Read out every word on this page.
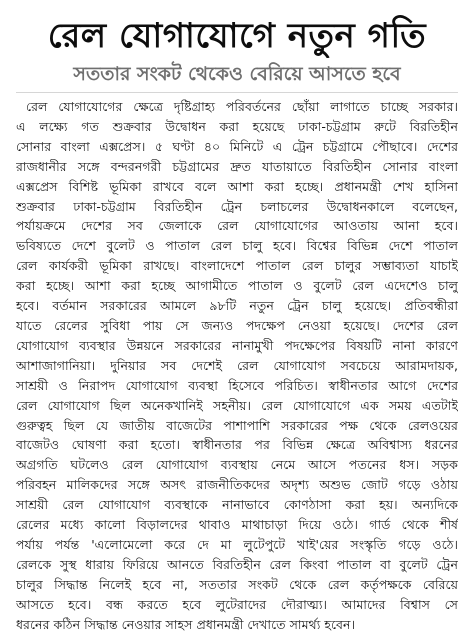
রেল যোগাযোগে নতুন গতি
সততার সংকট থেকেও বেরিয়ে আসতে হবে
রেল যোগাযোগের ক্ষেত্রে দৃষ্টিগ্রাহ্য পরিবর্তনের ছোঁয়া লাগাতে চাচ্ছে সরকার।
এ লক্ষ্যে গত শুক্রবার উদ্বোধন করা হয়েছে ঢাকা-চট্টগ্রাম রুটে বিরতিহীন
সোনার বাংলা এক্সপ্রেস। ৫ ঘণ্টা ৪০ মিনিটে এ ট্রেন চট্টগ্রামে পৌছাবে। দেশের
রাজধানীর সঙ্গে বন্দরনগরী চট্টগ্রামের দ্রুত যাতায়াতে বিরতিহীন সোনার বাংলা
এক্সপ্রেস বিশিষ্ট ভূমিকা রাখবে বলে আশা করা হচ্ছে। প্রধানমন্ত্রী শেখ হাসিনা
শুক্রবার ঢাকা-চট্টগ্রাম বিরতিহীন ট্রেন চলাচলের উদ্বোধনকালে বলেছেন,
পর্যায়ক্রমে দেশের সব জেলাকে রেল যোগাযোগের আওতায় আনা হবে।
ভবিষ্যতে দেশে বুলেট ও পাতাল রেল চালু হবে। বিশ্বের বিভিন্ন দেশে পাতাল
রেল কার্যকরী ভূমিকা রাখছে। বাংলাদেশে পাতাল রেল চালুর সম্ভাব্যতা যাচাই
করা হচ্ছে। আশা করা হচ্ছে আগামীতে পাতাল ও বুলেট রেল এদেশেও চালু
হবে। বর্তমান সরকারের আমলে ৯৮টি নতুন ট্রেন চালু হয়েছে। প্রতিবন্ধীরা
যাতে রেলের সুবিধা পায় সে জন্যও পদক্ষেপ নেওয়া হয়েছে। দেশের রেল
যোগাযোগ ব্যবস্থার উন্নয়নে সরকারের নানামুখী পদক্ষেপের বিষয়টি নানা কারণে
আশাজাগানিয়া। দুনিয়ার সব দেশেই রেল যোগাযোগ সবচেয়ে আরামদায়ক,
সাশ্রয়ী ও নিরাপদ যোগাযোগ ব্যবস্থা হিসেবে পরিচিত। স্বাধীনতার আগে দেশের
রেল যোগাযোগ ছিল অনেকখানিই সহনীয়। রেল যোগাযোগে এক সময় এতটাই
গুরুত্বহ ছিল যে জাতীয় বাজেটের পাশাপাশি সরকারের পক্ষ থেকে রেলওয়ের
বাজেটও ঘোষণা করা হতো। স্বাধীনতার পর বিভিন্ন ক্ষেত্রে অবিশ্বাস্য ধরনের
অগ্রগতি ঘটলেও রেল যোগাযোগ ব্যবস্থায় নেমে আসে পতনের ধস। সড়ক
পরিবহন মালিকদের সঙ্গে অসৎ রাজনীতিকদের অদৃশ্য অশুভ জোট গড়ে ওঠায়
সাশ্রয়ী রেল যোগাযোগ ব্যবস্থাকে নানাভাবে কোণঠাসা করা হয়। অন্যদিকে
রেলের মধ্যে কালো বিড়ালদের থাবাও মাথাচাড়া দিয়ে ওঠে। গার্ড থেকে শীর্ষ
পর্যায় পর্যন্ত 'এলোমেলো করে দে মা লুটেপুটে খাই'য়ের সংস্কৃতি গড়ে ওঠে।
রেলকে সুস্থ ধারায় ফিরিয়ে আনতে বিরতিহীন রেল কিংবা পাতাল বা বুলেট ট্রেন
চালুর সিদ্ধান্ত নিলেই হবে না, সততার সংকট থেকে রেল কর্তৃপক্ষকে বেরিয়ে
আসতে হবে। বন্ধ করতে হবে লুটেরাদের দৌরাত্ম্য। আমাদের বিশ্বাস সে
ধরনের কঠিন সিদ্ধান্ত নেওয়ার সাহস প্রধানমন্ত্রী দেখাতে সামর্থ্য হবেন।
